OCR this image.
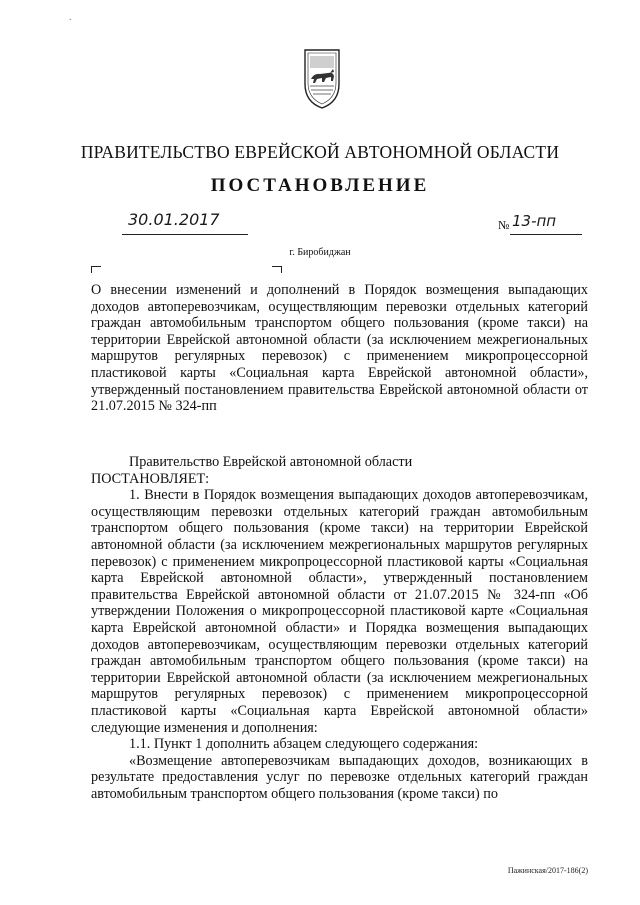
.
ПРАВИТЕЛЬСТВО ЕВРЕЙСКОЙ АВТОНОМНОЙ ОБЛАСТИ
ПОСТАНОВЛЕНИЕ
30.01.2017	№ 13-пп
г. Биробиджан
О внесении изменений и дополнений в Порядок возмещения выпадающих доходов автоперевозчикам, осуществляющим перевозки отдельных категорий граждан автомобильным транспортом общего пользования (кроме такси) на территории Еврейской автономной области (за исключением межрегиональных маршрутов регулярных перевозок) с применением микропроцессорной пластиковой карты «Социальная карта Еврейской автономной области», утвержденный постановлением правительства Еврейской автономной области от 21.07.2015 № 324-пп

Правительство Еврейской автономной области

ПОСТАНОВЛЯЕТ:

1. Внести в Порядок возмещения выпадающих доходов автоперевозчикам, осуществляющим перевозки отдельных категорий граждан автомобильным транспортом общего пользования (кроме такси) на территории Еврейской автономной области (за исключением межрегиональных маршрутов регулярных перевозок) с применением микропроцессорной пластиковой карты «Социальная карта Еврейской автономной области», утвержденный постановлением правительства Еврейской автономной области от 21.07.2015 № 324-пп «Об утверждении Положения о микропроцессорной пластиковой карте «Социальная карта Еврейской автономной области» и Порядка возмещения выпадающих доходов автоперевозчикам, осуществляющим перевозки отдельных категорий граждан автомобильным транспортом общего пользования (кроме такси) на территории Еврейской автономной области (за исключением межрегиональных маршрутов регулярных перевозок) с применением микропроцессорной пластиковой карты «Социальная карта Еврейской автономной области» следующие изменения и дополнения:

1.1. Пункт 1 дополнить абзацем следующего содержания:

«Возмещение автоперевозчикам выпадающих доходов, возникающих в результате предоставления услуг по перевозке отдельных категорий граждан автомобильным транспортом общего пользования (кроме такси) по

Пажинская/2017-186(2)
